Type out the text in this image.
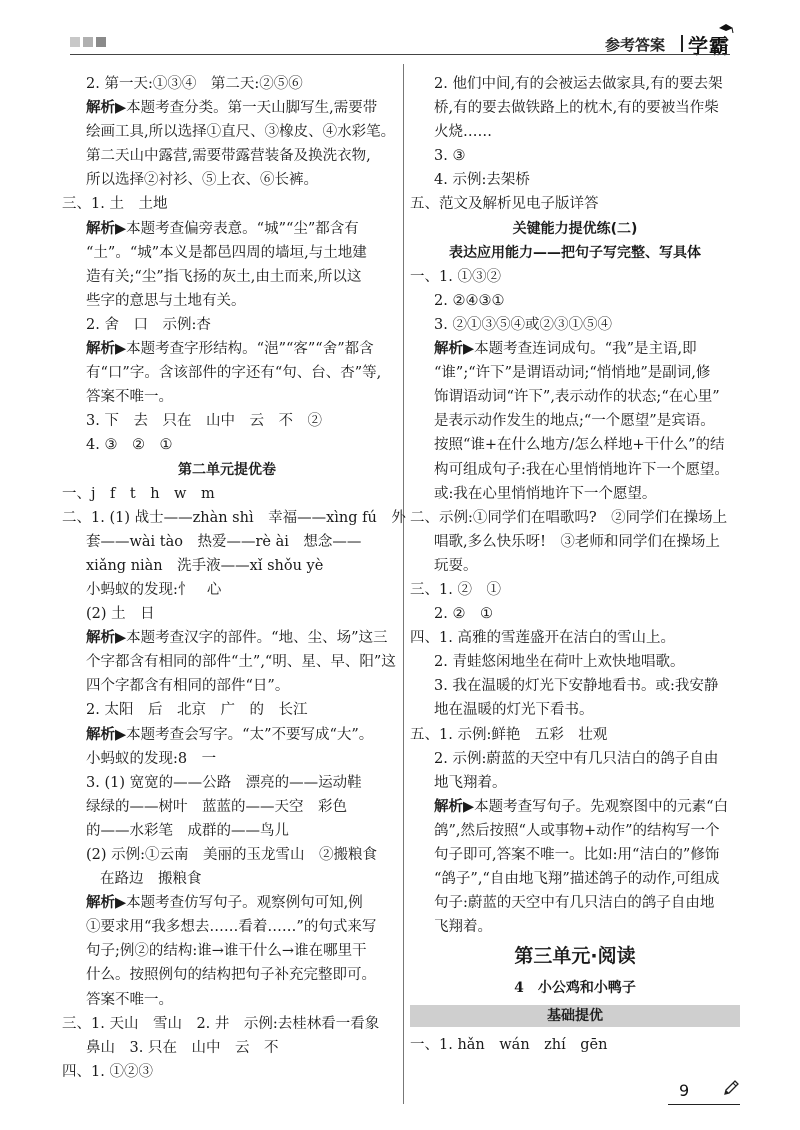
参考答案 学霸
2. 第一天:①③④　第二天:②⑤⑥
解析▶本题考查分类。第一天山脚写生,需要带
绘画工具,所以选择①直尺、③橡皮、④水彩笔。
第二天山中露营,需要带露营装备及换洗衣物,
所以选择②衬衫、⑤上衣、⑥长裤。
三、1. 土　土地
解析▶本题考查偏旁表意。“城”“尘”都含有
“土”。“城”本义是都邑四周的墙垣,与土地建
造有关;“尘”指飞扬的灰土,由土而来,所以这
些字的意思与土地有关。
2. 舍　口　示例:杏
解析▶本题考查字形结构。“浥”“客”“舍”都含
有“口”字。含该部件的字还有“句、台、杏”等,
答案不唯一。
3. 下　去　只在　山中　云　不　②
4. ③　②　①
第二单元提优卷
一、j　f　t　h　w　m
二、1. (1) 战士——zhàn shì　幸福——xìng fú　外
套——wài tào　热爱——rè ài　想念——
xiǎng niàn　洗手液——xǐ shǒu yè
小蚂蚁的发现:忄　心
(2) 土　日
解析▶本题考查汉字的部件。“地、尘、场”这三
个字都含有相同的部件“土”,“明、星、早、阳”这
四个字都含有相同的部件“日”。
2. 太阳　后　北京　广　的　长江
解析▶本题考查会写字。“太”不要写成“大”。
小蚂蚁的发现:8　一
3. (1) 宽宽的——公路　漂亮的——运动鞋
绿绿的——树叶　蓝蓝的——天空　彩色
的——水彩笔　成群的——鸟儿
(2) 示例:①云南　美丽的玉龙雪山　②搬粮食
在路边　搬粮食
解析▶本题考查仿写句子。观察例句可知,例
①要求用“我多想去……看着……”的句式来写
句子;例②的结构:谁→谁干什么→谁在哪里干
什么。按照例句的结构把句子补充完整即可。
答案不唯一。
三、1. 天山　雪山　2. 井　示例:去桂林看一看象
鼻山　3. 只在　山中　云　不
四、1. ①②③
2. 他们中间,有的会被运去做家具,有的要去架
桥,有的要去做铁路上的枕木,有的要被当作柴
火烧……
3. ③
4. 示例:去架桥
五、范文及解析见电子版详答
关键能力提优练(二)
表达应用能力——把句子写完整、写具体
一、1. ①③②
2. ②④③①
3. ②①③⑤④或②③①⑤④
解析▶本题考查连词成句。“我”是主语,即
“谁”;“许下”是谓语动词;“悄悄地”是副词,修
饰谓语动词“许下”,表示动作的状态;“在心里”
是表示动作发生的地点;“一个愿望”是宾语。
按照“谁+在什么地方/怎么样地+干什么”的结
构可组成句子:我在心里悄悄地许下一个愿望。
或:我在心里悄悄地许下一个愿望。
二、示例:①同学们在唱歌吗?　②同学们在操场上
唱歌,多么快乐呀!　③老师和同学们在操场上
玩耍。
三、1. ②　①
2. ②　①
四、1. 高雅的雪莲盛开在洁白的雪山上。
2. 青蛙悠闲地坐在荷叶上欢快地唱歌。
3. 我在温暖的灯光下安静地看书。或:我安静
地在温暖的灯光下看书。
五、1. 示例:鲜艳　五彩　壮观
2. 示例:蔚蓝的天空中有几只洁白的鸽子自由
地飞翔着。
解析▶本题考查写句子。先观察图中的元素“白
鸽”,然后按照“人或事物+动作”的结构写一个
句子即可,答案不唯一。比如:用“洁白的”修饰
“鸽子”,“自由地飞翔”描述鸽子的动作,可组成
句子:蔚蓝的天空中有几只洁白的鸽子自由地
飞翔着。
第三单元·阅读
4　小公鸡和小鸭子
基础提优
一、1. hǎn　wán　zhí　gēn
9
